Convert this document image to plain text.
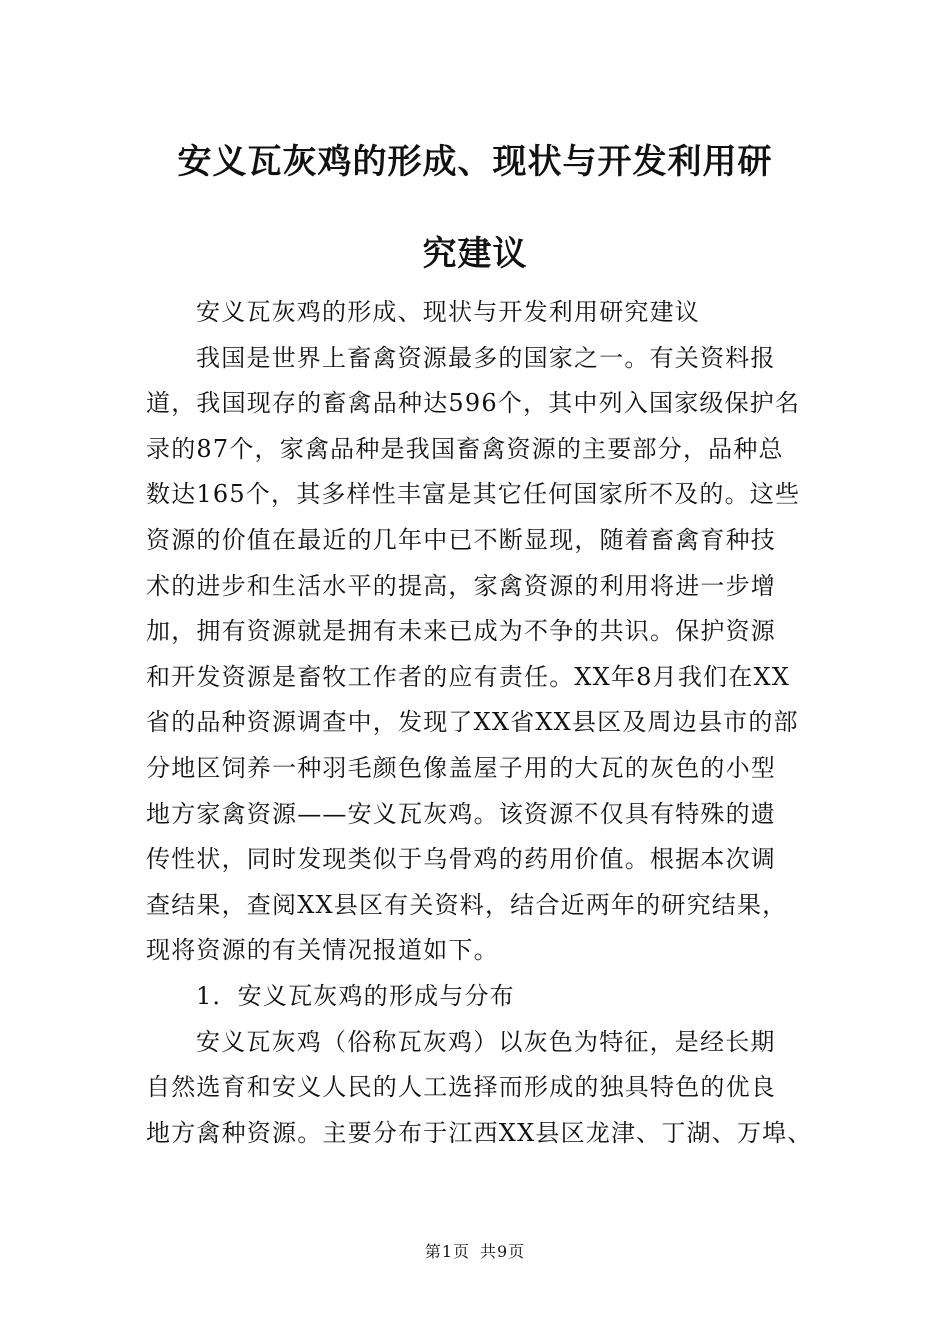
安义瓦灰鸡的形成、现状与开发利用研
究建议
安义瓦灰鸡的形成、现状与开发利用研究建议
我国是世界上畜禽资源最多的国家之一。有关资料报
道，我国现存的畜禽品种达596个，其中列入国家级保护名
录的87个，家禽品种是我国畜禽资源的主要部分，品种总
数达165个，其多样性丰富是其它任何国家所不及的。这些
资源的价值在最近的几年中已不断显现，随着畜禽育种技
术的进步和生活水平的提高，家禽资源的利用将进一步增
加，拥有资源就是拥有未来已成为不争的共识。保护资源
和开发资源是畜牧工作者的应有责任。XX年8月我们在XX
省的品种资源调查中，发现了XX省XX县区及周边县市的部
分地区饲养一种羽毛颜色像盖屋子用的大瓦的灰色的小型
地方家禽资源——安义瓦灰鸡。该资源不仅具有特殊的遗
传性状，同时发现类似于乌骨鸡的药用价值。根据本次调
查结果，查阅XX县区有关资料，结合近两年的研究结果，
现将资源的有关情况报道如下。
1．安义瓦灰鸡的形成与分布
安义瓦灰鸡（俗称瓦灰鸡）以灰色为特征，是经长期
自然选育和安义人民的人工选择而形成的独具特色的优良
地方禽种资源。主要分布于江西XX县区龙津、丁湖、万埠、
第1页 共9页
